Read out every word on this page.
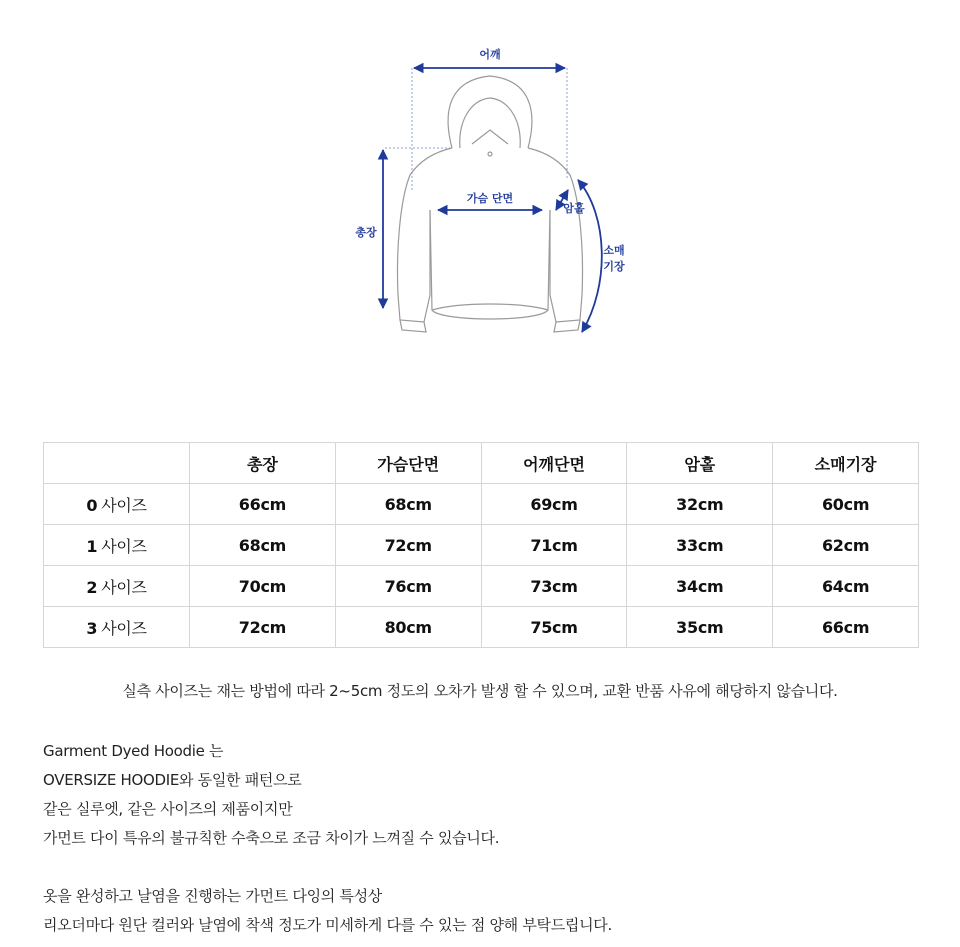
어깨
가슴 단면
암홀
총장
소매
기장
	총장	가슴단면	어깨단면	암홀	소매기장
0 사이즈	66cm	68cm	69cm	32cm	60cm
1 사이즈	68cm	72cm	71cm	33cm	62cm
2 사이즈	70cm	76cm	73cm	34cm	64cm
3 사이즈	72cm	80cm	75cm	35cm	66cm
실측 사이즈는 재는 방법에 따라 2~5cm 정도의 오차가 발생 할 수 있으며, 교환 반품 사유에 해당하지 않습니다.
Garment Dyed Hoodie 는
OVERSIZE HOODIE와 동일한 패턴으로
같은 실루엣, 같은 사이즈의 제품이지만
가먼트 다이 특유의 불규칙한 수축으로 조금 차이가 느껴질 수 있습니다.
옷을 완성하고 날염을 진행하는 가먼트 다잉의 특성상
리오더마다 원단 컬러와 날염에 착색 정도가 미세하게 다를 수 있는 점 양해 부탁드립니다.
